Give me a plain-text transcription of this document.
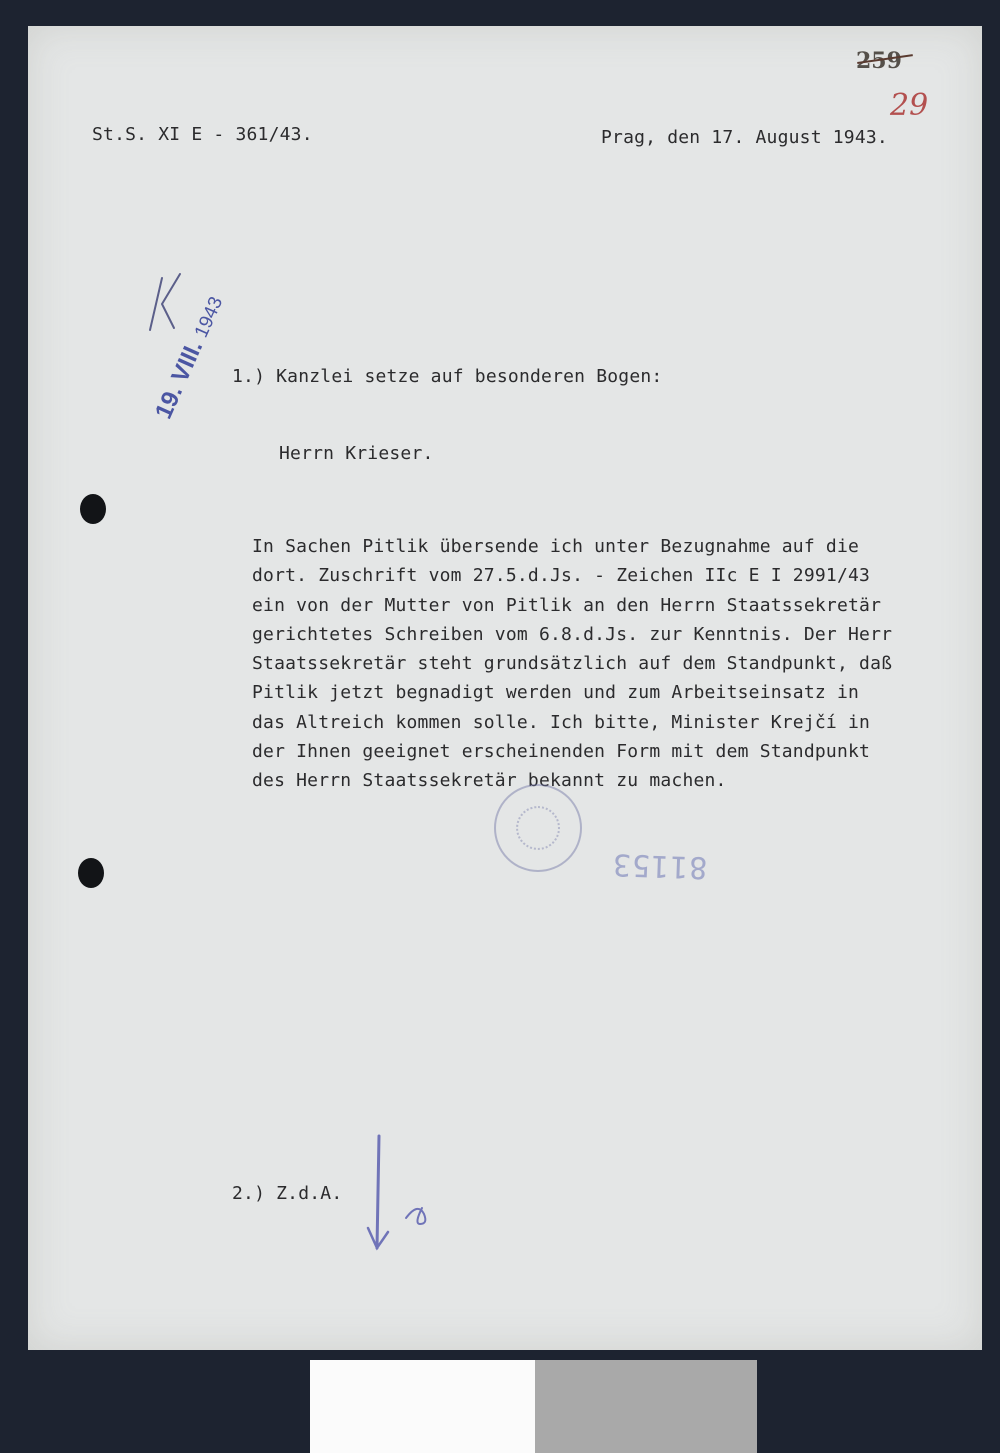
St.S. XI E - 361/43.	Prag, den 17. August 1943.
259
29
19. VIII. 1943
1.) Kanzlei setze auf besonderen Bogen:
Herrn Krieser.
In Sachen Pitlik übersende ich unter Bezugnahme auf die
dort. Zuschrift vom 27.5.d.Js. - Zeichen IIc E I 2991/43
ein von der Mutter von Pitlik an den Herrn Staatssekretär
gerichtetes Schreiben vom 6.8.d.Js. zur Kenntnis. Der Herr
Staatssekretär steht grundsätzlich auf dem Standpunkt, daß
Pitlik jetzt begnadigt werden und zum Arbeitseinsatz in
das Altreich kommen solle. Ich bitte, Minister Krejčí in
der Ihnen geeignet erscheinenden Form mit dem Standpunkt
des Herrn Staatssekretär bekannt zu machen.
81153
2.) Z.d.A.
